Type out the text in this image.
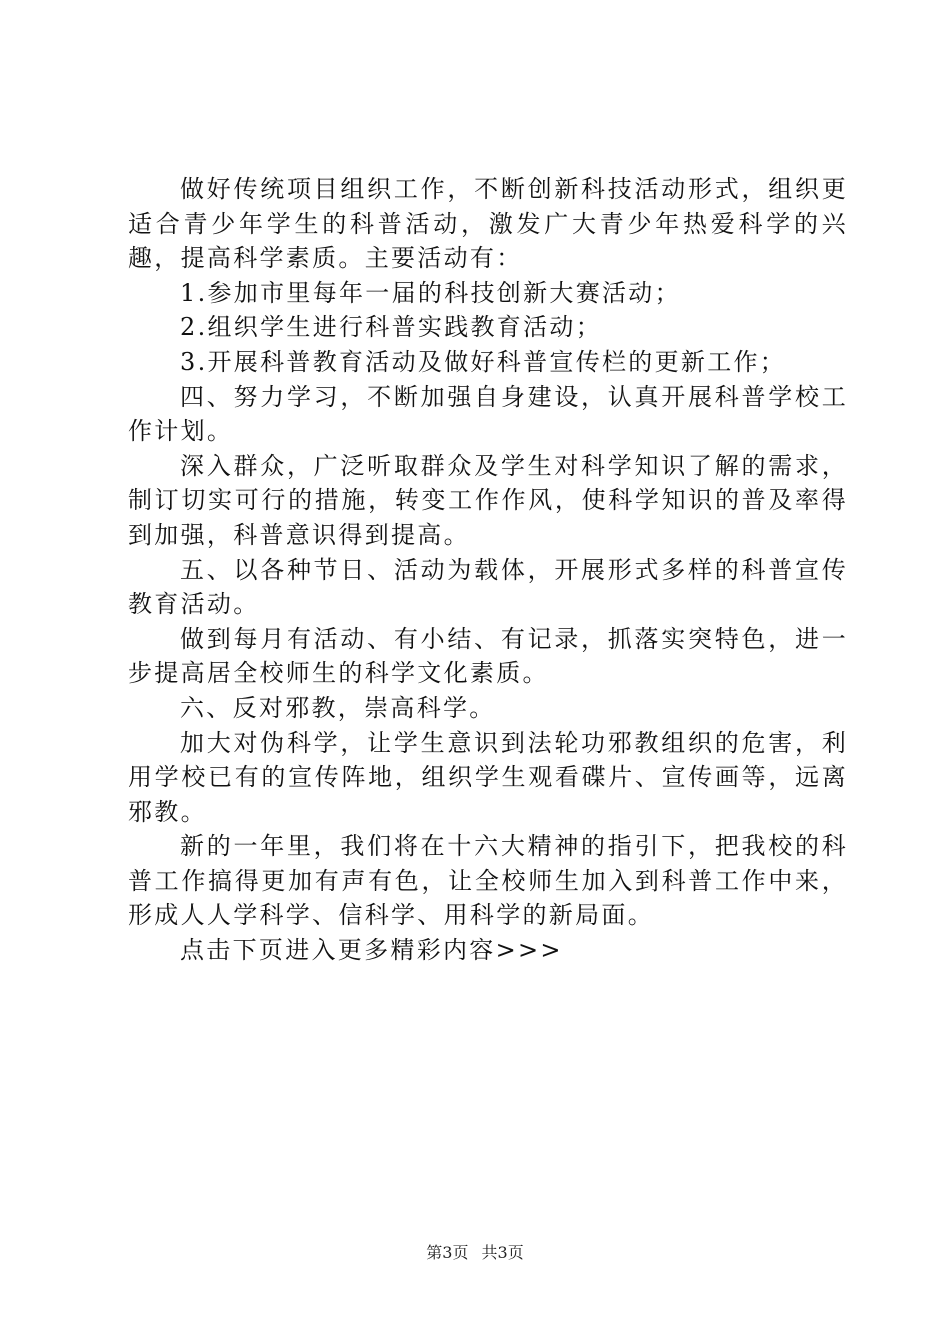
做好传统项目组织工作，不断创新科技活动形式，组织更适合青少年学生的科普活动，激发广大青少年热爱科学的兴趣，提高科学素质。主要活动有：

1.参加市里每年一届的科技创新大赛活动；

2.组织学生进行科普实践教育活动；

3.开展科普教育活动及做好科普宣传栏的更新工作；

四、努力学习，不断加强自身建设，认真开展科普学校工作计划。

深入群众，广泛听取群众及学生对科学知识了解的需求，制订切实可行的措施，转变工作作风，使科学知识的普及率得到加强，科普意识得到提高。

五、以各种节日、活动为载体，开展形式多样的科普宣传教育活动。

做到每月有活动、有小结、有记录，抓落实突特色，进一步提高居全校师生的科学文化素质。

六、反对邪教，崇高科学。

加大对伪科学，让学生意识到法轮功邪教组织的危害，利用学校已有的宣传阵地，组织学生观看碟片、宣传画等，远离邪教。

新的一年里，我们将在十六大精神的指引下，把我校的科普工作搞得更加有声有色，让全校师生加入到科普工作中来，形成人人学科学、信科学、用科学的新局面。

点击下页进入更多精彩内容>>>

第3页 共3页
